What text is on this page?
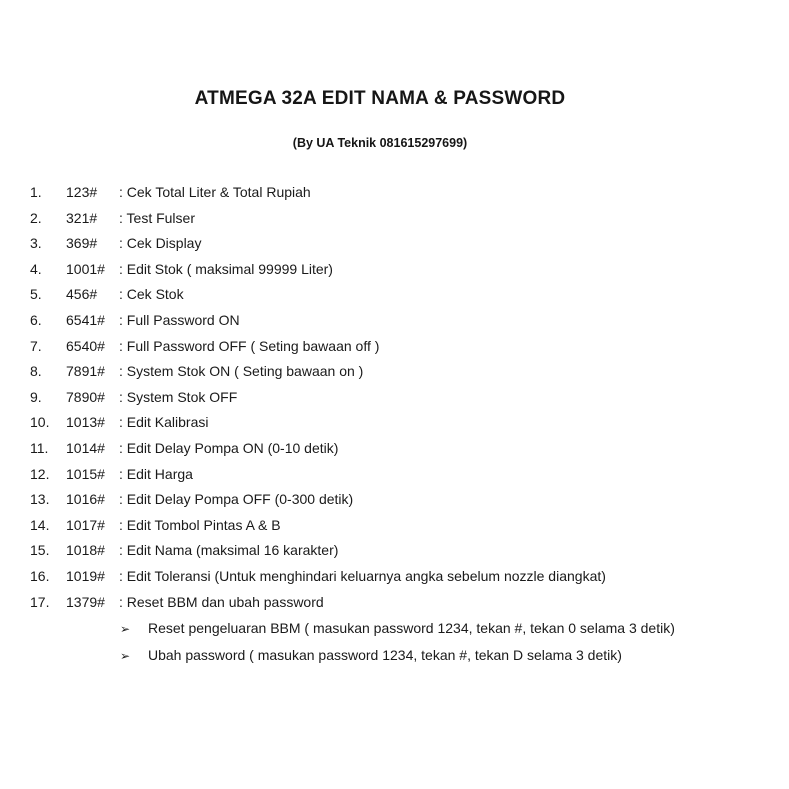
ATMEGA 32A EDIT NAMA & PASSWORD
(By UA Teknik 081615297699)
1.	123#	: Cek Total Liter & Total Rupiah
2.	321#	: Test Fulser
3.	369#	: Cek Display
4.	1001#	: Edit Stok ( maksimal 99999 Liter)
5.	456#	: Cek Stok
6.	6541#	: Full Password ON
7.	6540#	: Full Password OFF ( Seting bawaan off )
8.	7891#	: System Stok ON ( Seting bawaan on )
9.	7890#	: System Stok OFF
10.	1013#	: Edit Kalibrasi
11.	1014#	: Edit Delay Pompa ON (0-10 detik)
12.	1015#	: Edit Harga
13.	1016#	: Edit Delay Pompa OFF (0-300 detik)
14.	1017#	: Edit Tombol Pintas A & B
15.	1018#	: Edit Nama (maksimal 16 karakter)
16.	1019#	: Edit Toleransi (Untuk menghindari keluarnya angka sebelum nozzle diangkat)
17.	1379#	: Reset BBM dan ubah password
➢	Reset pengeluaran BBM ( masukan password 1234, tekan #, tekan 0 selama 3 detik)
➢	Ubah password ( masukan password 1234, tekan #, tekan D selama 3 detik)
